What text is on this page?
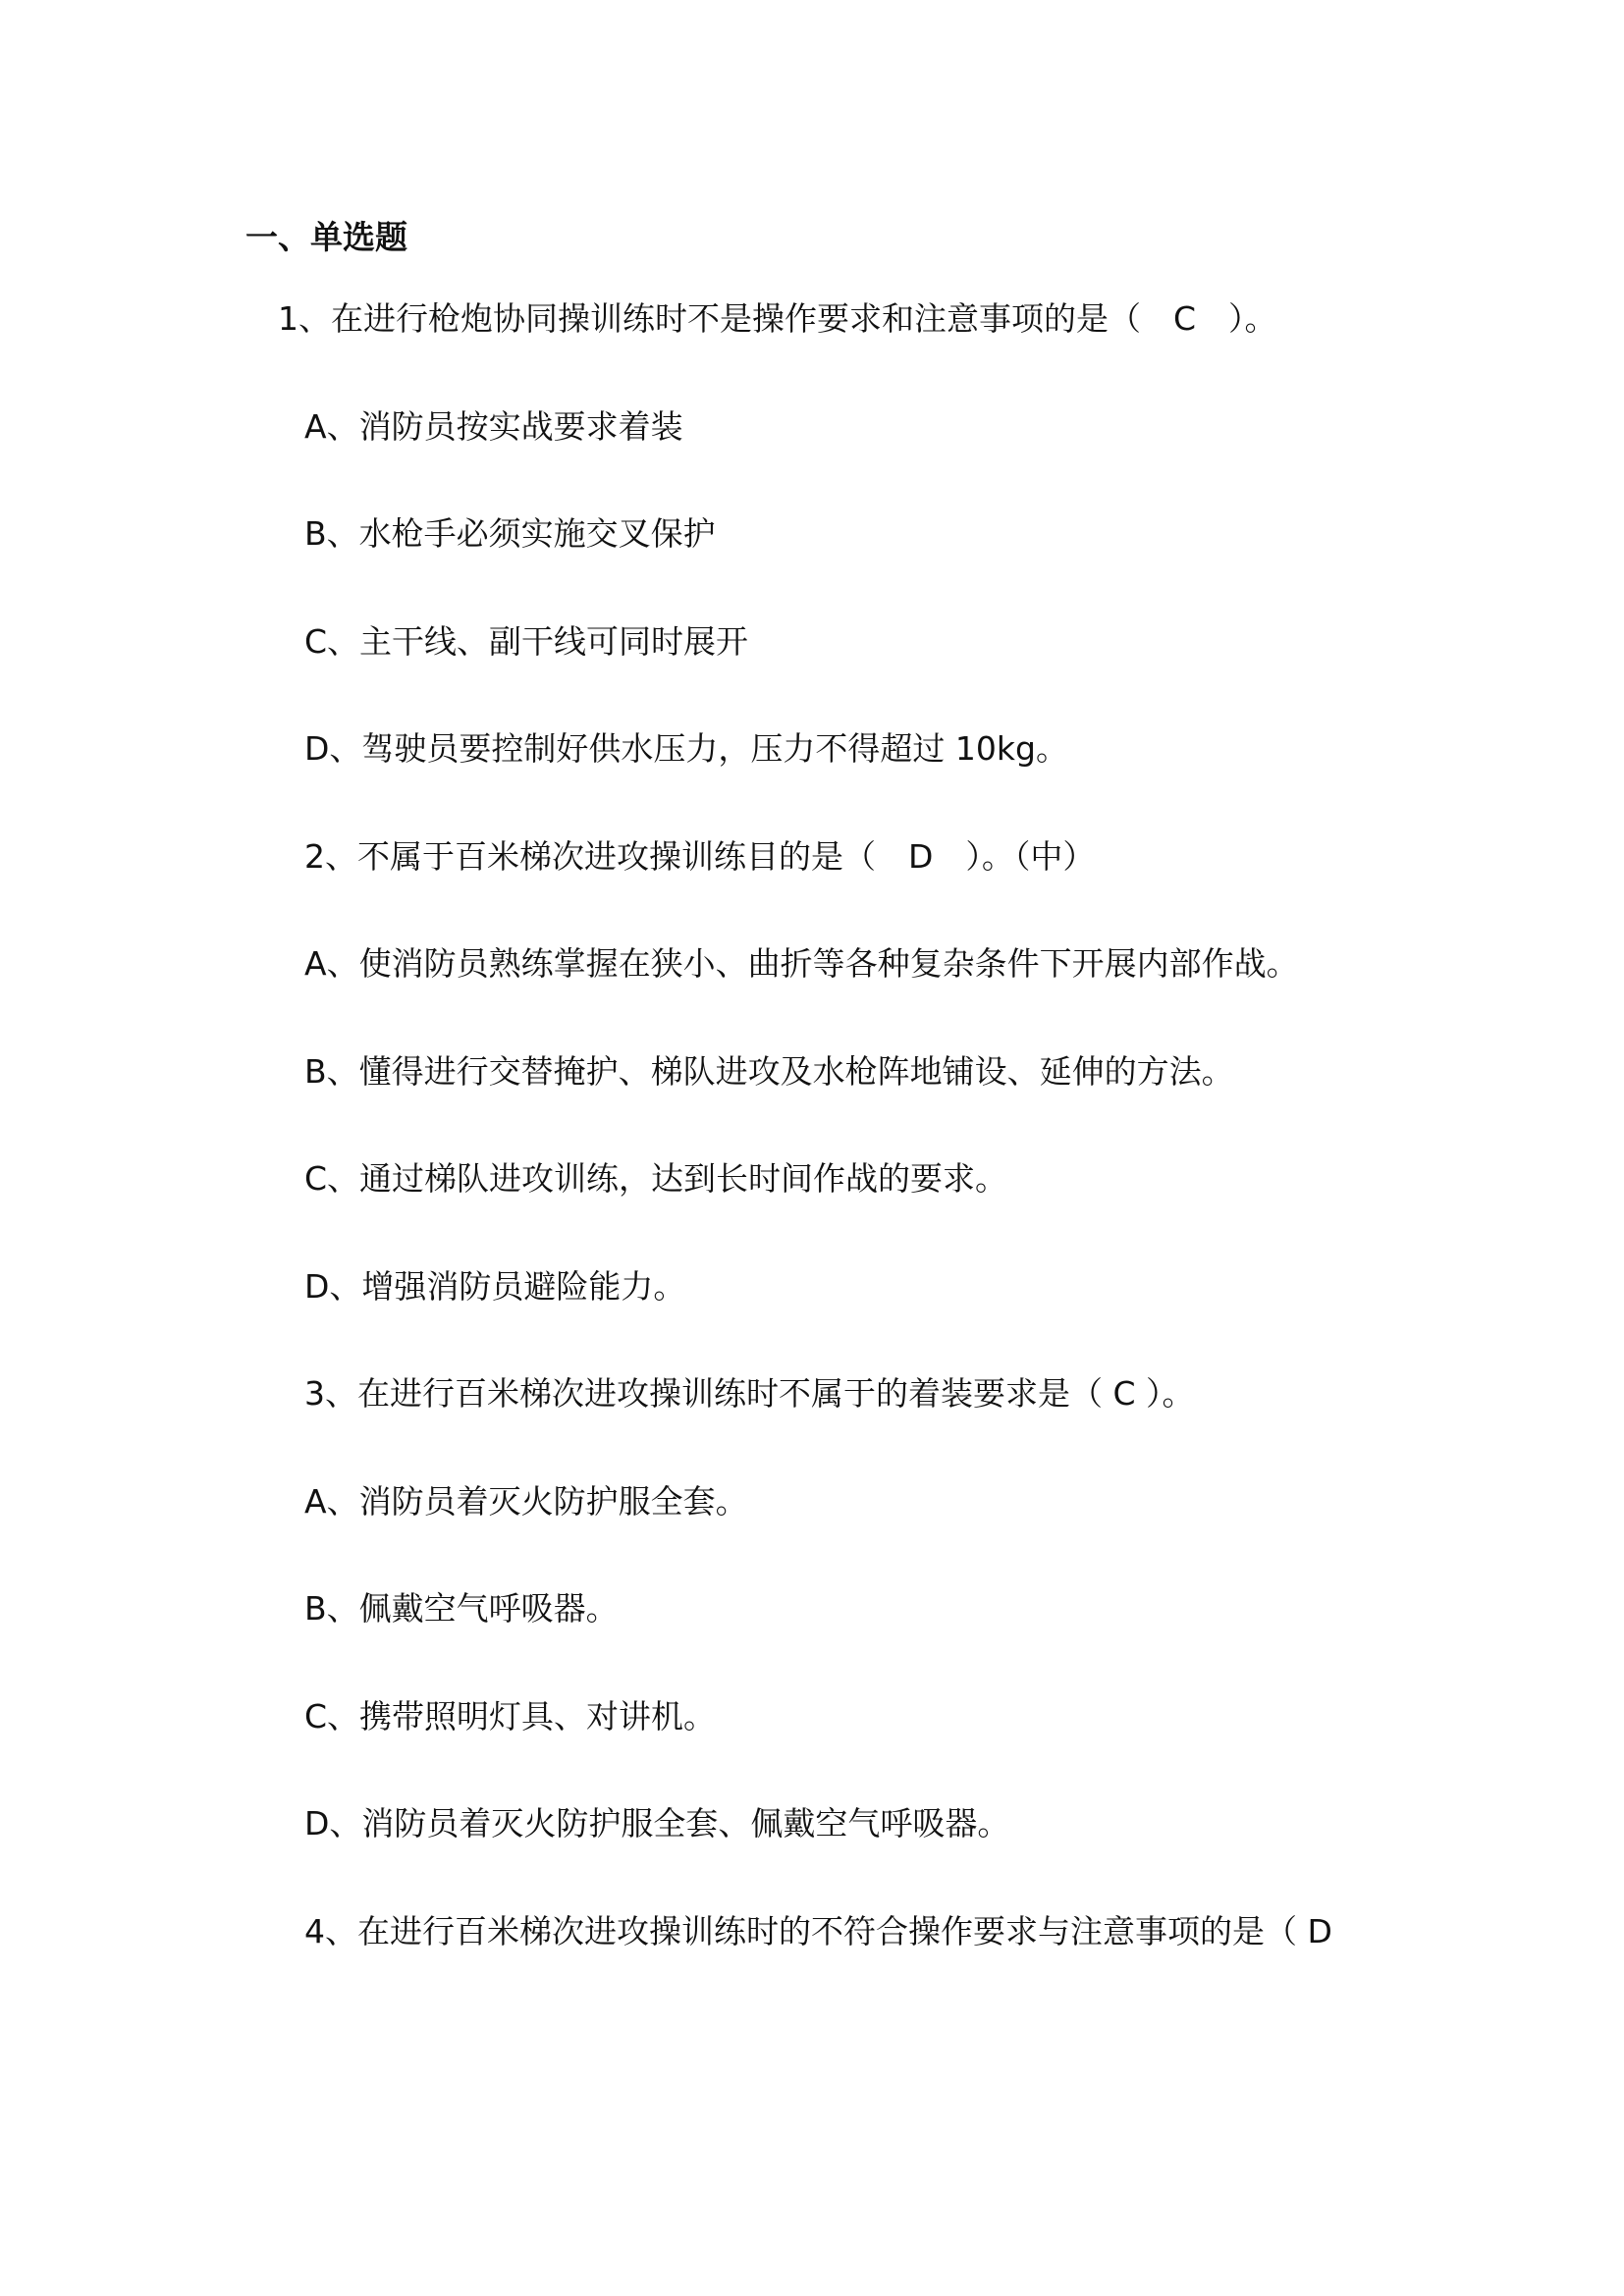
一、单选题
1、在进行枪炮协同操训练时不是操作要求和注意事项的是（　C　）。
A、消防员按实战要求着装
B、水枪手必须实施交叉保护
C、主干线、副干线可同时展开
D、驾驶员要控制好供水压力，压力不得超过 10kg。
2、不属于百米梯次进攻操训练目的是（　D　）。（中）
A、使消防员熟练掌握在狭小、曲折等各种复杂条件下开展内部作战。
B、懂得进行交替掩护、梯队进攻及水枪阵地铺设、延伸的方法。
C、通过梯队进攻训练，达到长时间作战的要求。
D、增强消防员避险能力。
3、在进行百米梯次进攻操训练时不属于的着装要求是（ C ）。
A、消防员着灭火防护服全套。
B、佩戴空气呼吸器。
C、携带照明灯具、对讲机。
D、消防员着灭火防护服全套、佩戴空气呼吸器。
4、在进行百米梯次进攻操训练时的不符合操作要求与注意事项的是（ D
